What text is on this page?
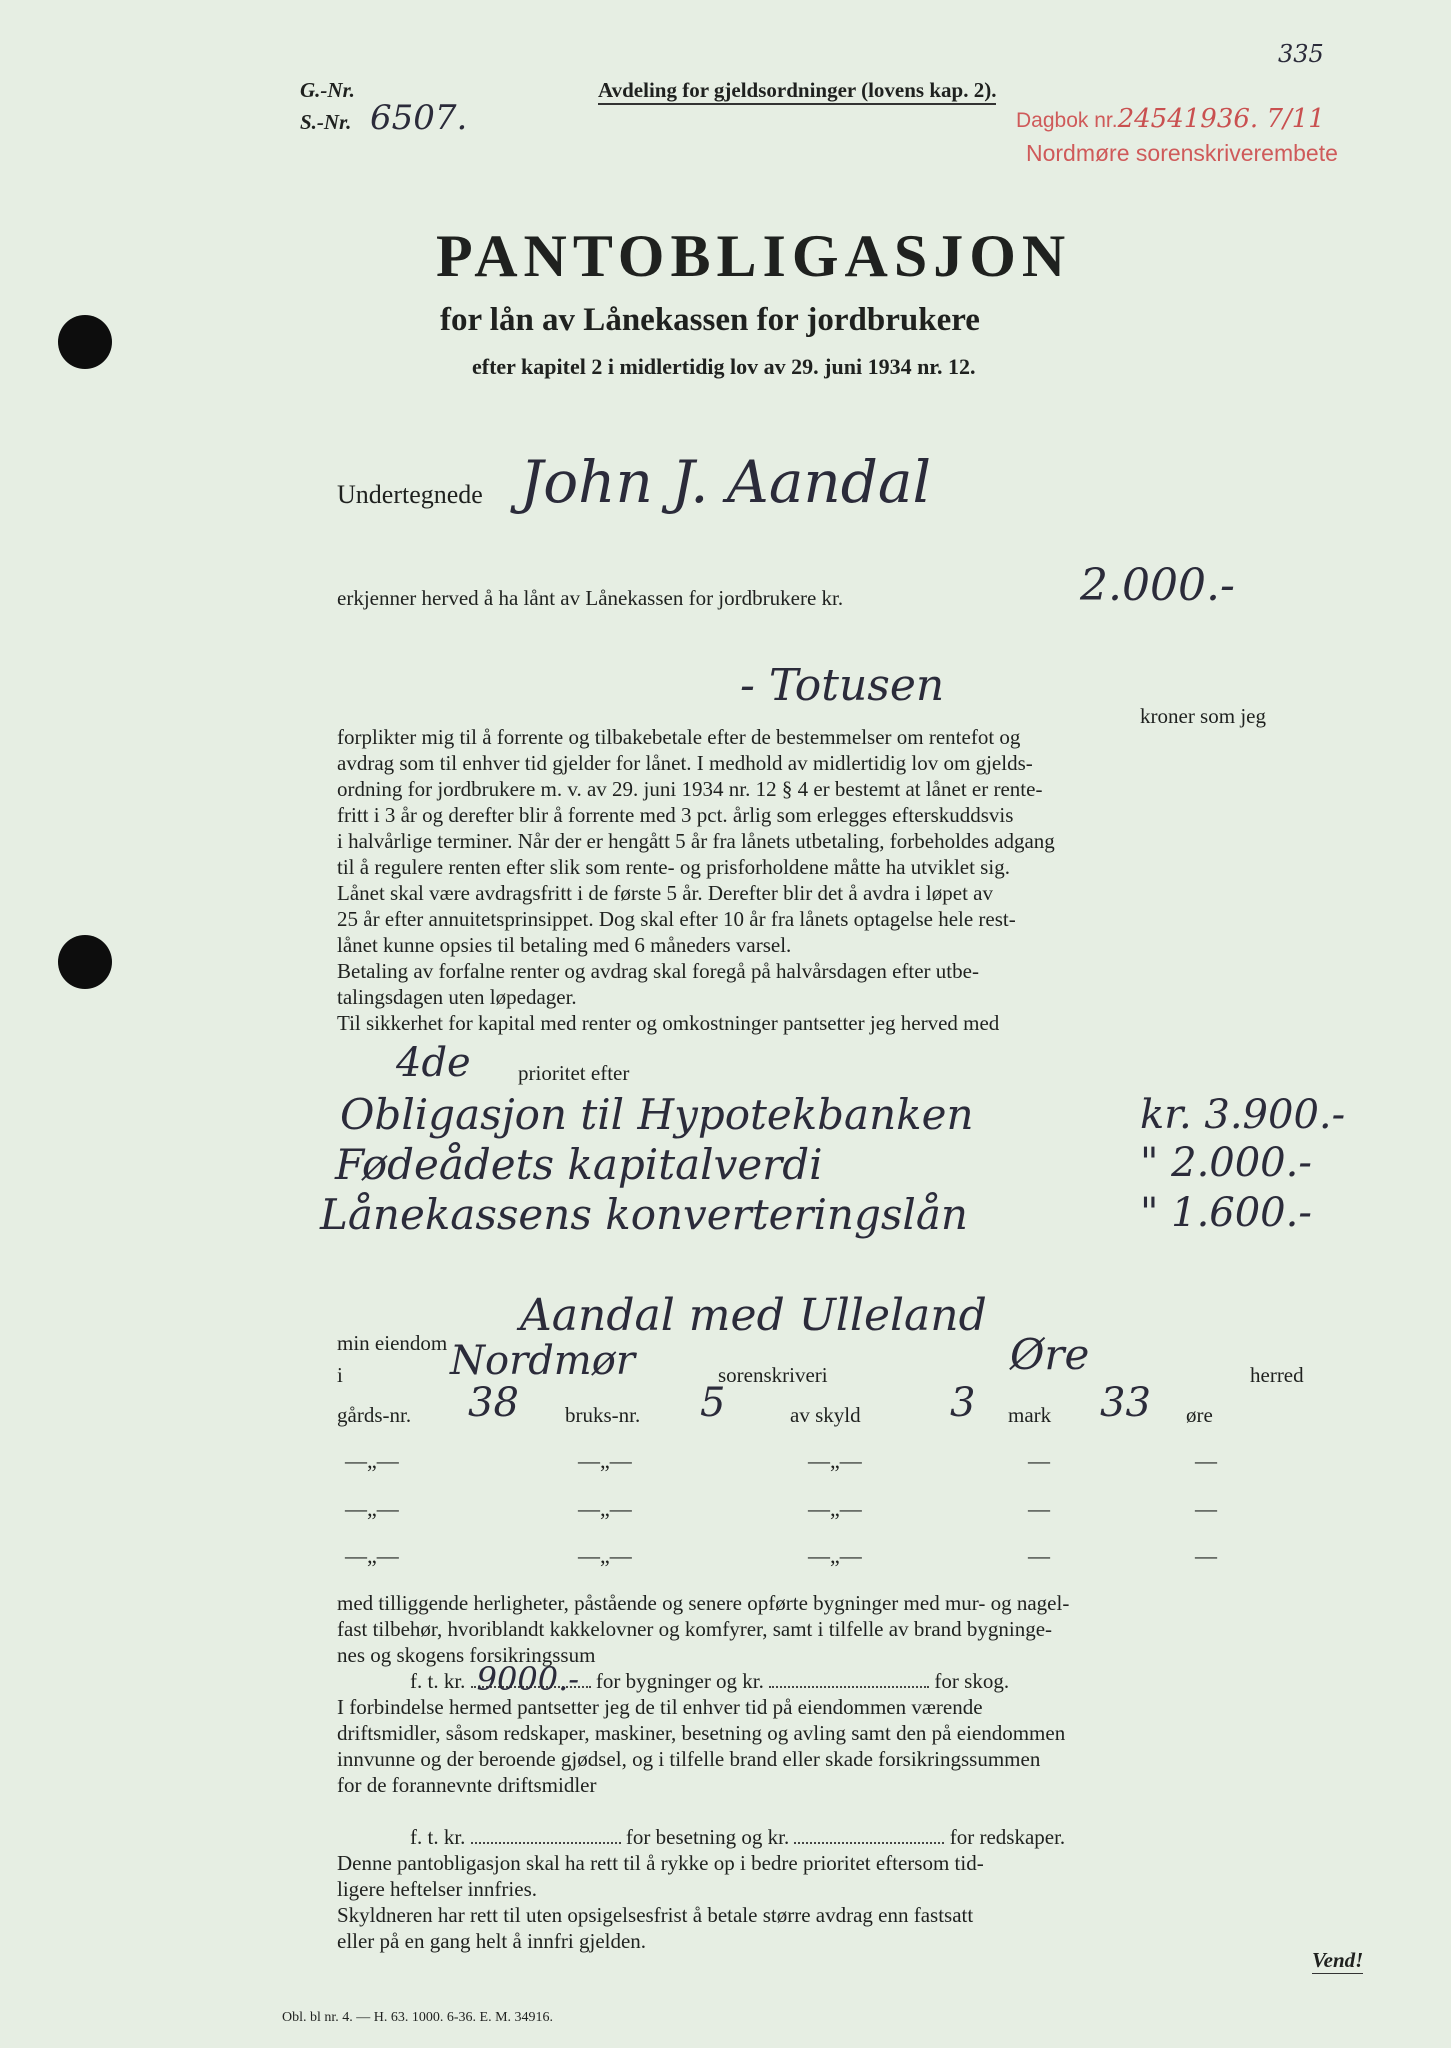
335
G.-Nr.
S.-Nr. 6507.
Avdeling for gjeldsordninger (lovens kap. 2).
Dagbok nr.24541936. 7/11
Nordmøre sorenskriverembete
PANTOBLIGASJON
for lån av Lånekassen for jordbrukere
efter kapitel 2 i midlertidig lov av 29. juni 1934 nr. 12.
Undertegnede John J. Aandal
erkjenner herved å ha lånt av Lånekassen for jordbrukere kr.	2.000.-
- Totusen
kroner som jeg
forplikter mig til å forrente og tilbakebetale efter de bestemmelser om rentefot og
avdrag som til enhver tid gjelder for lånet. I medhold av midlertidig lov om gjelds-
ordning for jordbrukere m. v. av 29. juni 1934 nr. 12 § 4 er bestemt at lånet er rente-
fritt i 3 år og derefter blir å forrente med 3 pct. årlig som erlegges efterskuddsvis
i halvårlige terminer. Når der er hengått 5 år fra lånets utbetaling, forbeholdes adgang
til å regulere renten efter slik som rente- og prisforholdene måtte ha utviklet sig.
Lånet skal være avdragsfritt i de første 5 år. Derefter blir det å avdra i løpet av
25 år efter annuitetsprinsippet. Dog skal efter 10 år fra lånets optagelse hele rest-
lånet kunne opsies til betaling med 6 måneders varsel.
Betaling av forfalne renter og avdrag skal foregå på halvårsdagen efter utbe-
talingsdagen uten løpedager.
Til sikkerhet for kapital med renter og omkostninger pantsetter jeg herved med
4de prioritet efter
Obligasjon til Hypotekbanken	kr. 3.900.-
Fødeådets kapitalverdi	" 2.000.-
Lånekassens konverteringslån	" 1.600.-
min eiendom
Aandal med Ulleland
i	Nordmør	sorenskriveri	Øre	herred
gårds-nr. 38 bruks-nr. 5	av skyld 3 mark 33 øre
—„—	—„—	—„—	—	—
—„—	—„—	—„—	—	—
—„—	—„—	—„—	—	—
med tilliggende herligheter, påstående og senere opførte bygninger med mur- og nagel-
fast tilbehør, hvoriblandt kakkelovner og komfyrer, samt i tilfelle av brand bygninge-
nes og skogens forsikringssum
f. t. kr. 9000.- for bygninger og kr.	for skog.
I forbindelse hermed pantsetter jeg de til enhver tid på eiendommen værende
driftsmidler, såsom redskaper, maskiner, besetning og avling samt den på eiendommen
innvunne og der beroende gjødsel, og i tilfelle brand eller skade forsikringssummen
for de forannevnte driftsmidler
f. t. kr.	for besetning og kr.	for redskaper.
Denne pantobligasjon skal ha rett til å rykke op i bedre prioritet eftersom tid-
ligere heftelser innfries.
Skyldneren har rett til uten opsigelsesfrist å betale større avdrag enn fastsatt
eller på en gang helt å innfri gjelden.
Vend!
Obl. bl nr. 4. — H. 63. 1000. 6-36. E. M. 34916.
